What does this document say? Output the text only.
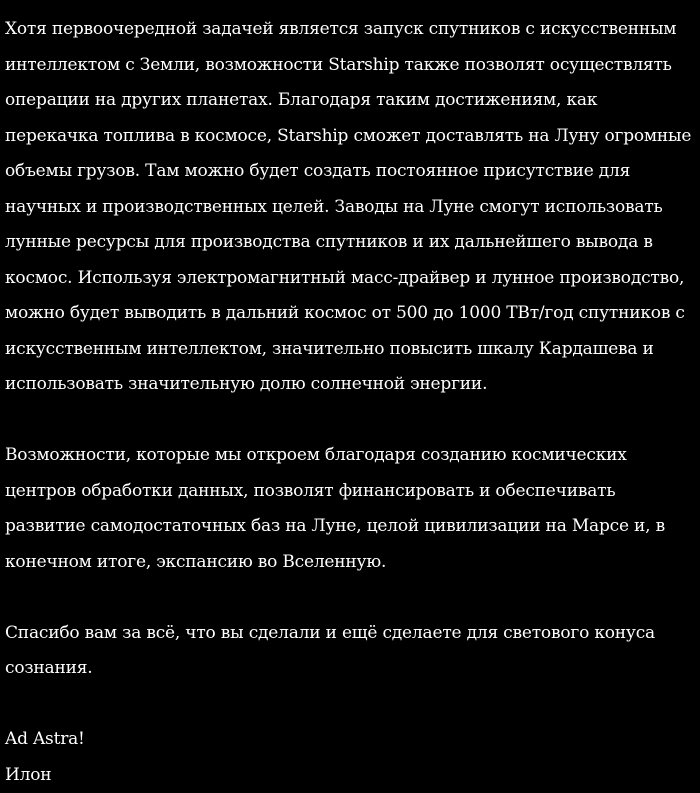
Хотя первоочередной задачей является запуск спутников с искусственным интеллектом с Земли, возможности Starship также позволят осуществлять операции на других планетах. Благодаря таким достижениям, как перекачка топлива в космосе, Starship сможет доставлять на Луну огромные объемы грузов. Там можно будет создать постоянное присутствие для научных и производственных целей. Заводы на Луне смогут использовать лунные ресурсы для производства спутников и их дальнейшего вывода в космос. Используя электромагнитный масс-драйвер и лунное производство, можно будет выводить в дальний космос от 500 до 1000 ТВт/год спутников с искусственным интеллектом, значительно повысить шкалу Кардашева и использовать значительную долю солнечной энергии.

Возможности, которые мы откроем благодаря созданию космических центров обработки данных, позволят финансировать и обеспечивать развитие самодостаточных баз на Луне, целой цивилизации на Марсе и, в конечном итоге, экспансию во Вселенную.

Спасибо вам за всё, что вы сделали и ещё сделаете для светового конуса сознания.

Ad Astra!

Илон
